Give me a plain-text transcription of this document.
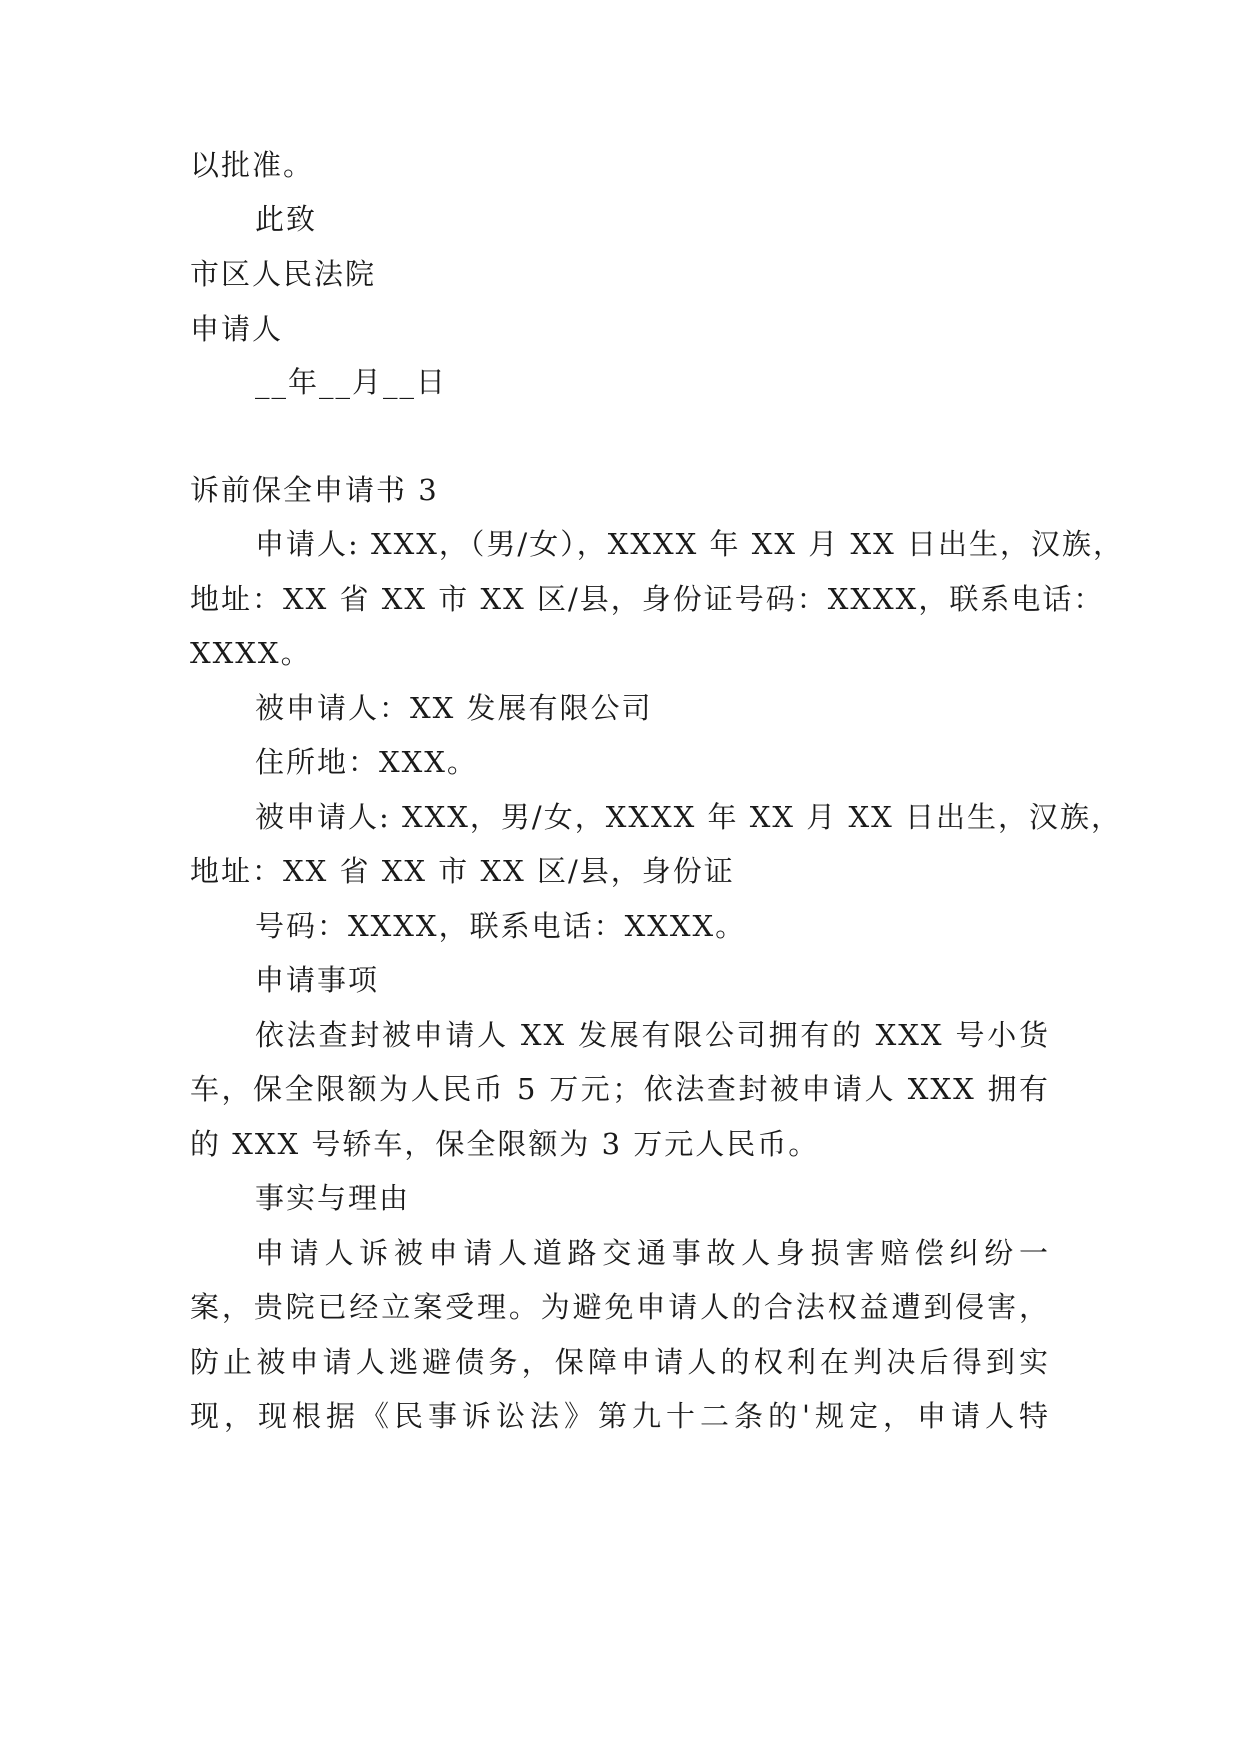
以批准。
此致
市区人民法院
申请人
__年__月__日
诉前保全申请书 3
申请人: XXX，（男/女），XXXX 年 XX 月 XX 日出生，汉族，
地址：XX 省 XX 市 XX 区/县，身份证号码：XXXX，联系电话：
XXXX。
被申请人：XX 发展有限公司
住所地：XXX。
被申请人: XXX，男/女，XXXX 年 XX 月 XX 日出生，汉族，
地址：XX 省 XX 市 XX 区/县，身份证
号码：XXXX，联系电话：XXXX。
申请事项
依法查封被申请人 XX 发展有限公司拥有的 XXX 号小货
车，保全限额为人民币 5 万元；依法查封被申请人 XXX 拥有
的 XXX 号轿车，保全限额为 3 万元人民币。
事实与理由
申请人诉被申请人道路交通事故人身损害赔偿纠纷一
案，贵院已经立案受理。为避免申请人的合法权益遭到侵害，
防止被申请人逃避债务，保障申请人的权利在判决后得到实
现，现根据《民事诉讼法》第九十二条的'规定，申请人特
